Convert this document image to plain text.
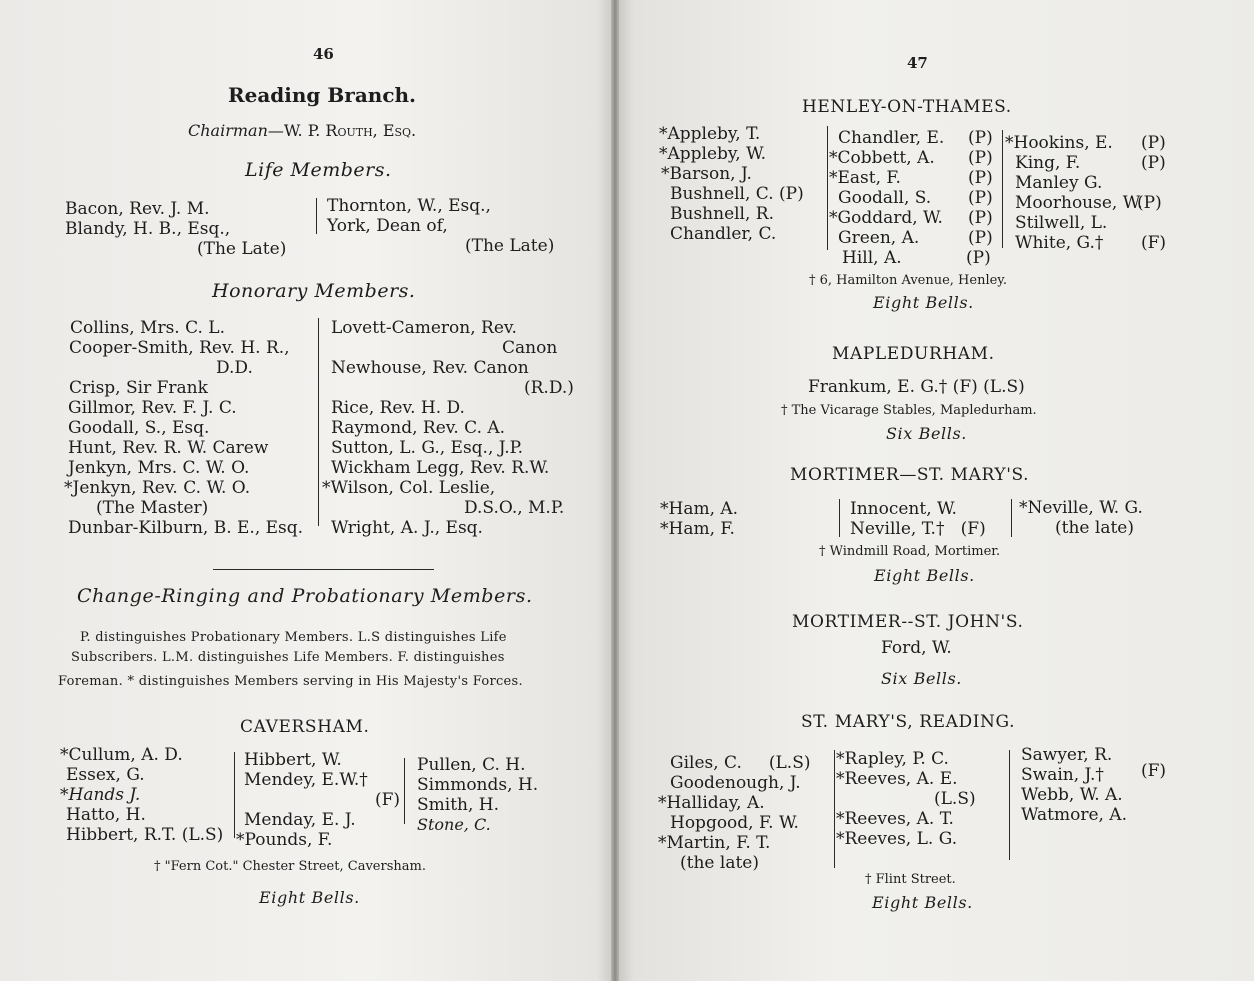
46
Reading Branch.
Chairman—W. P. Routh, Esq.
Life Members.
Bacon, Rev. J. M.
Blandy, H. B., Esq.,
(The Late)
Thornton, W., Esq.,
York, Dean of,
(The Late)
Honorary Members.
Collins, Mrs. C. L.
Cooper-Smith, Rev. H. R.,
D.D.
Crisp, Sir Frank
Gillmor, Rev. F. J. C.
Goodall, S., Esq.
Hunt, Rev. R. W. Carew
Jenkyn, Mrs. C. W. O.
*Jenkyn, Rev. C. W. O.
(The Master)
Dunbar-Kilburn, B. E., Esq.
Lovett-Cameron, Rev.
Canon
Newhouse, Rev. Canon
(R.D.)
Rice, Rev. H. D.
Raymond, Rev. C. A.
Sutton, L. G., Esq., J.P.
Wickham Legg, Rev. R.W.
*Wilson, Col. Leslie,
D.S.O., M.P.
Wright, A. J., Esq.
Change-Ringing and Probationary Members.
P. distinguishes Probationary Members. L.S distinguishes Life
Subscribers. L.M. distinguishes Life Members. F. distinguishes
Foreman. * distinguishes Members serving in His Majesty's Forces.
CAVERSHAM.
*Cullum, A. D.
Essex, G.
*Hands J.
Hatto, H.
Hibbert, R.T. (L.S)
Hibbert, W.
Mendey, E.W.†
(F)
Menday, E. J.
*Pounds, F.
Pullen, C. H.
Simmonds, H.
Smith, H.
Stone, C.
† "Fern Cot." Chester Street, Caversham.
Eight Bells.
47
HENLEY-ON-THAMES.
*Appleby, T.
*Appleby, W.
*Barson, J.
Bushnell, C. (P)
Bushnell, R.
Chandler, C.
Chandler, E.
*Cobbett, A.
*East, F.
Goodall, S.
*Goddard, W.
Green, A.
Hill, A.
(P)
(P)
(P)
(P)
(P)
(P)
(P)
*Hookins, E.
King, F.
Manley G.
Moorhouse, W.
Stilwell, L.
White, G.†
(P)
(P)
(P)
(F)
† 6, Hamilton Avenue, Henley.
Eight Bells.
MAPLEDURHAM.
Frankum, E. G.† (F) (L.S)
† The Vicarage Stables, Mapledurham.
Six Bells.
MORTIMER—ST. MARY'S.
*Ham, A.
*Ham, F.
Innocent, W.
Neville, T.†   (F)
*Neville, W. G.
(the late)
† Windmill Road, Mortimer.
Eight Bells.
MORTIMER--ST. JOHN'S.
Ford, W.
Six Bells.
ST. MARY'S, READING.
Giles, C.     (L.S)
Goodenough, J.
*Halliday, A.
Hopgood, F. W.
*Martin, F. T.
(the late)
*Rapley, P. C.
*Reeves, A. E.
(L.S)
*Reeves, A. T.
*Reeves, L. G.
Sawyer, R.
Swain, J.†
Webb, W. A.
Watmore, A.
(F)
† Flint Street.
Eight Bells.
